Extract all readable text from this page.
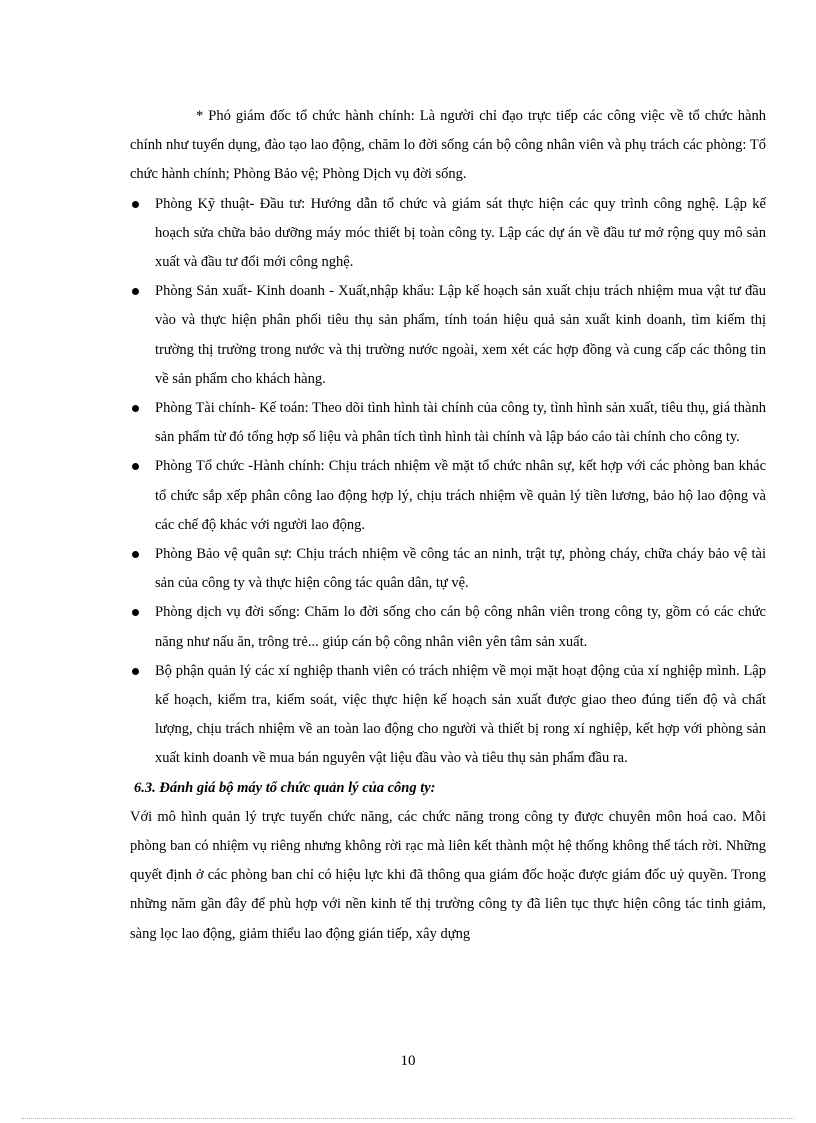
* Phó giám đốc tổ chức hành chính: Là người chỉ đạo trực tiếp các công việc về tổ chức hành chính như tuyển dụng, đào tạo lao động, chăm lo đời sống cán bộ công nhân viên và phụ trách các phòng: Tổ chức hành chính; Phòng Bảo vệ; Phòng Dịch vụ đời sống.

Phòng Kỹ thuật- Đầu tư: Hướng dẫn tổ chức và giám sát thực hiện các quy trình công nghệ. Lập kế hoạch sửa chữa bảo dưỡng máy móc thiết bị toàn công ty. Lập các dự án về đầu tư mở rộng quy mô sản xuất và đầu tư đổi mới công nghệ.
Phòng Sản xuất- Kinh doanh - Xuất,nhập khẩu: Lập kế hoạch sản xuất chịu trách nhiệm mua vật tư đầu vào và thực hiện phân phối tiêu thụ sản phẩm, tính toán hiệu quả sản xuất kinh doanh, tìm kiếm thị trường thị trường trong nước và thị trường nước ngoài, xem xét các hợp đồng và cung cấp các thông tin về sản phẩm cho khách hàng.
Phòng Tài chính- Kế toán: Theo dõi tình hình tài chính của công ty, tình hình sản xuất, tiêu thụ, giá thành sản phẩm từ đó tổng hợp số liệu và phân tích tình hình tài chính và lập báo cáo tài chính cho công ty.
Phòng Tổ chức -Hành chính: Chịu trách nhiệm về mặt tổ chức nhân sự, kết hợp với các phòng ban khác tổ chức sắp xếp phân công lao động hợp lý, chịu trách nhiệm về quản lý tiền lương, bảo hộ lao động và các chế độ khác với người lao động.
Phòng Bảo vệ quân sự: Chịu trách nhiệm về công tác an ninh, trật tự, phòng cháy, chữa cháy bảo vệ tài sản của công ty và thực hiện công tác quân dân, tự vệ.
Phòng dịch vụ đời sống: Chăm lo đời sống cho cán bộ công nhân viên trong công ty, gồm có các chức năng như nấu ăn, trông trẻ... giúp cán bộ công nhân viên yên tâm sản xuất.
Bộ phận quản lý các xí nghiệp thanh viên có trách nhiệm về mọi mặt hoạt động của xí nghiệp mình. Lập kế hoạch, kiểm tra, kiểm soát, việc thực hiện kế hoạch sản xuất được giao theo đúng tiến độ và chất lượng, chịu trách nhiệm về an toàn lao động cho người và thiết bị rong xí nghiệp, kết hợp với phòng sản xuất kinh doanh về mua bán nguyên vật liệu đầu vào và tiêu thụ sản phẩm đầu ra.

6.3. Đánh giá bộ máy tổ chức quản lý của công ty:

Với mô hình quản lý trực tuyến chức năng, các chức năng trong công ty được chuyên môn hoá cao. Mỗi phòng ban có nhiệm vụ riêng nhưng không rời rạc mà liên kết thành một hệ thống không thể tách rời. Những quyết định ở các phòng ban chỉ có hiệu lực khi đã thông qua giám đốc hoặc được giám đốc uỷ quyền. Trong những năm gần đây để phù hợp với nền kinh tế thị trường công ty đã liên tục thực hiện công tác tinh giảm, sàng lọc lao động, giảm thiểu lao động gián tiếp, xây dựng

10
